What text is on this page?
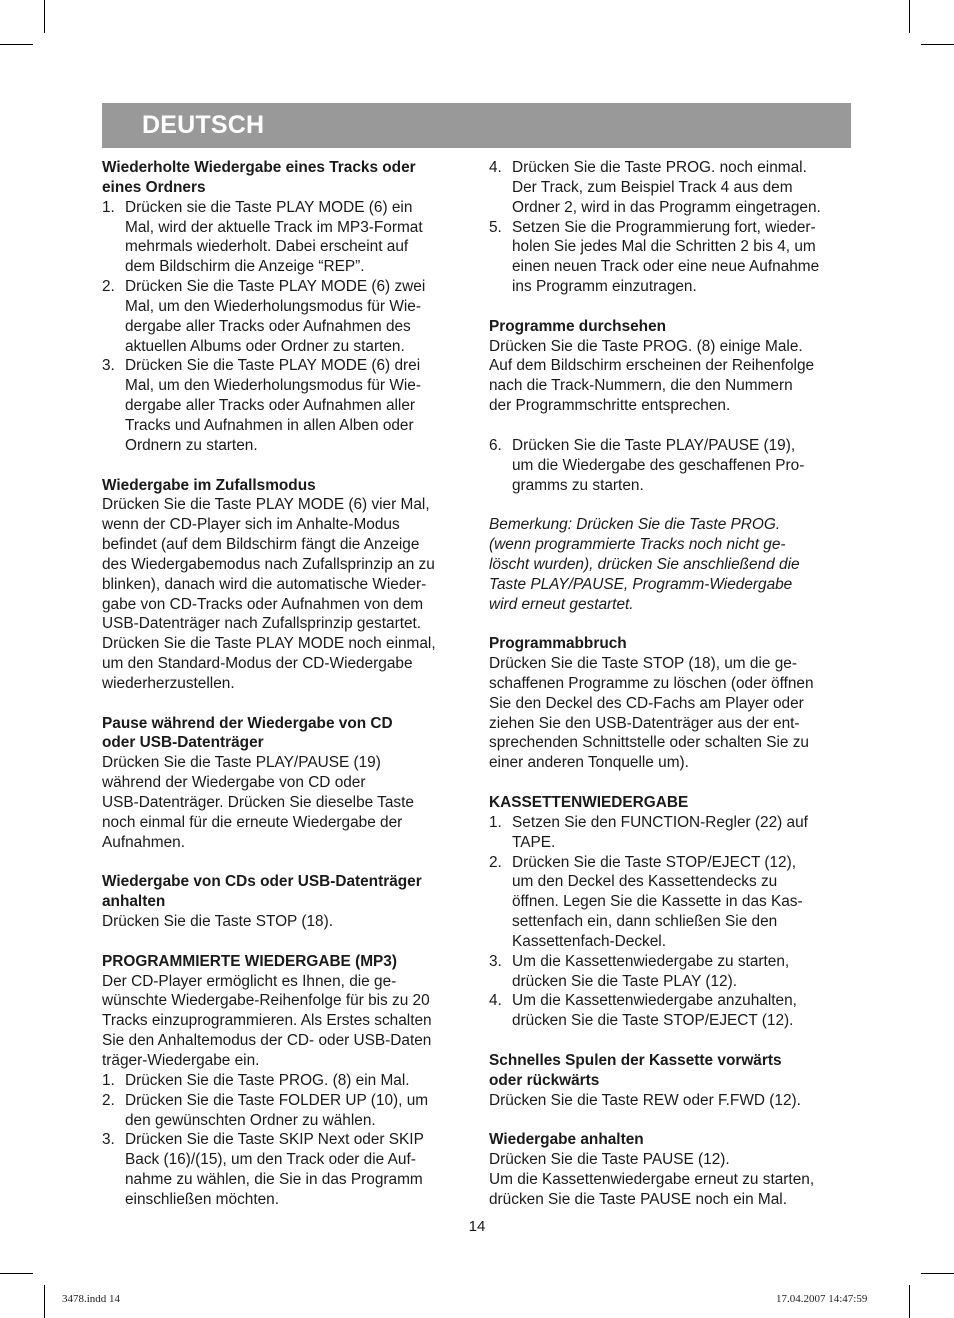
DEUTSCH

Wiederholte Wiedergabe eines Tracks oder

eines Ordners

1. Drücken sie die Taste PLAY MODE (6) ein

Mal, wird der aktuelle Track im MP3-Format

mehrmals wiederholt. Dabei erscheint auf

dem Bildschirm die Anzeige “REP”.

2. Drücken Sie die Taste PLAY MODE (6) zwei

Mal, um den Wiederholungsmodus für Wie-

dergabe aller Tracks oder Aufnahmen des

aktuellen Albums oder Ordner zu starten.

3. Drücken Sie die Taste PLAY MODE (6) drei

Mal, um den Wiederholungsmodus für Wie-

dergabe aller Tracks oder Aufnahmen aller

Tracks und Aufnahmen in allen Alben oder

Ordnern zu starten.

Wiedergabe im Zufallsmodus

Drücken Sie die Taste PLAY MODE (6) vier Mal,

wenn der CD-Player sich im Anhalte-Modus

befindet (auf dem Bildschirm fängt die Anzeige

des Wiedergabemodus nach Zufallsprinzip an zu

blinken), danach wird die automatische Wieder-

gabe von CD-Tracks oder Aufnahmen von dem

USB-Datenträger nach Zufallsprinzip gestartet.

Drücken Sie die Taste PLAY MODE noch einmal,

um den Standard-Modus der CD-Wiedergabe

wiederherzustellen.

Pause während der Wiedergabe von CD

oder USB-Datenträger

Drücken Sie die Taste PLAY/PAUSE (19)

während der Wiedergabe von CD oder

USB-Datenträger. Drücken Sie dieselbe Taste

noch einmal für die erneute Wiedergabe der

Aufnahmen.

Wiedergabe von CDs oder USB-Datenträger

anhalten

Drücken Sie die Taste STOP (18).

PROGRAMMIERTE WIEDERGABE (MP3)

Der CD-Player ermöglicht es Ihnen, die ge-

wünschte Wiedergabe-Reihenfolge für bis zu 20

Tracks einzuprogrammieren. Als Erstes schalten

Sie den Anhaltemodus der CD- oder USB-Daten

träger-Wiedergabe ein.

1. Drücken Sie die Taste PROG. (8) ein Mal.

2. Drücken Sie die Taste FOLDER UP (10), um

den gewünschten Ordner zu wählen.

3. Drücken Sie die Taste SKIP Next oder SKIP

Back (16)/(15), um den Track oder die Auf-

nahme zu wählen, die Sie in das Programm

einschließen möchten.

4. Drücken Sie die Taste PROG. noch einmal.

Der Track, zum Beispiel Track 4 aus dem

Ordner 2, wird in das Programm eingetragen.

5. Setzen Sie die Programmierung fort, wieder-

holen Sie jedes Mal die Schritten 2 bis 4, um

einen neuen Track oder eine neue Aufnahme

ins Programm einzutragen.

Programme durchsehen

Drücken Sie die Taste PROG. (8) einige Male.

Auf dem Bildschirm erscheinen der Reihenfolge

nach die Track-Nummern, die den Nummern

der Programmschritte entsprechen.

6. Drücken Sie die Taste PLAY/PAUSE (19),

um die Wiedergabe des geschaffenen Pro-

gramms zu starten.

Bemerkung: Drücken Sie die Taste PROG.

(wenn programmierte Tracks noch nicht ge-

löscht wurden), drücken Sie anschließend die

Taste PLAY/PAUSE, Programm-Wiedergabe

wird erneut gestartet.

Programmabbruch

Drücken Sie die Taste STOP (18), um die ge-

schaffenen Programme zu löschen (oder öffnen

Sie den Deckel des CD-Fachs am Player oder

ziehen Sie den USB-Datenträger aus der ent-

sprechenden Schnittstelle oder schalten Sie zu

einer anderen Tonquelle um).

KASSETTENWIEDERGABE

1. Setzen Sie den FUNCTION-Regler (22) auf

TAPE.

2. Drücken Sie die Taste STOP/EJECT (12),

um den Deckel des Kassettendecks zu

öffnen. Legen Sie die Kassette in das Kas-

settenfach ein, dann schließen Sie den

Kassettenfach-Deckel.

3. Um die Kassettenwiedergabe zu starten,

drücken Sie die Taste PLAY (12).

4. Um die Kassettenwiedergabe anzuhalten,

drücken Sie die Taste STOP/EJECT (12).

Schnelles Spulen der Kassette vorwärts

oder rückwärts

Drücken Sie die Taste REW oder F.FWD (12).

Wiedergabe anhalten

Drücken Sie die Taste PAUSE (12).

Um die Kassettenwiedergabe erneut zu starten,

drücken Sie die Taste PAUSE noch ein Mal.

14
3478.indd 14	17.04.2007 14:47:59
